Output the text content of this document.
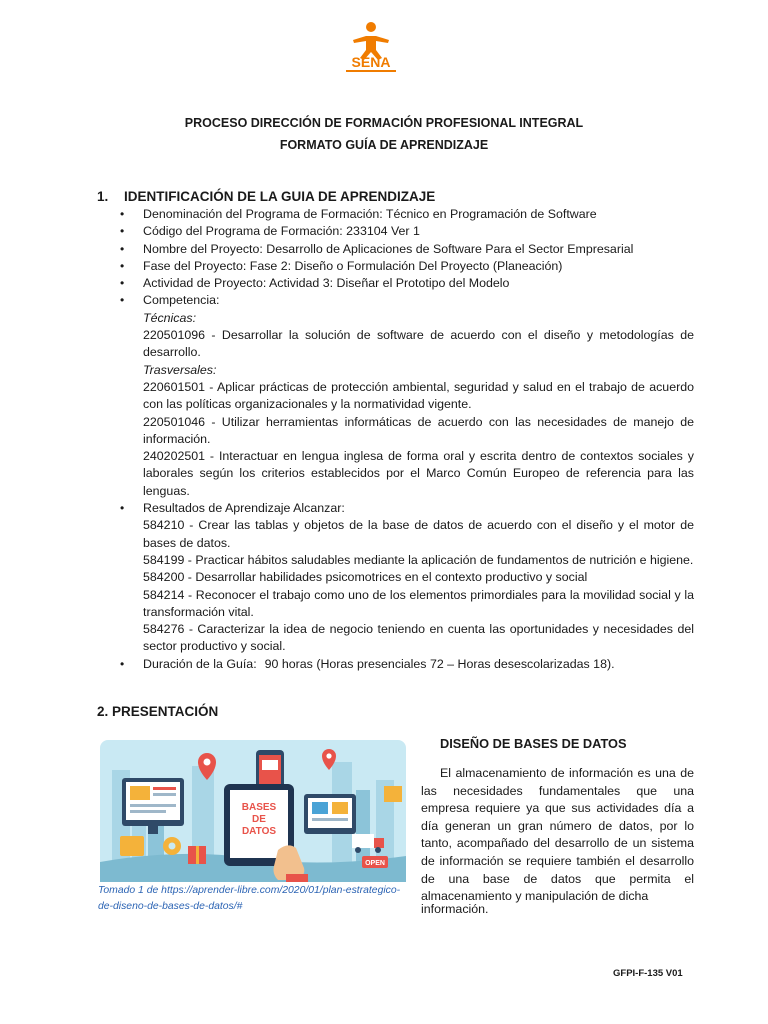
SENA
PROCESO DIRECCIÓN DE FORMACIÓN PROFESIONAL INTEGRAL
FORMATO GUÍA DE APRENDIZAJE
1. IDENTIFICACIÓN DE LA GUIA DE APRENDIZAJE
• Denominación del Programa de Formación: Técnico en Programación de Software
• Código del Programa de Formación: 233104 Ver 1
• Nombre del Proyecto: Desarrollo de Aplicaciones de Software Para el Sector Empresarial
• Fase del Proyecto: Fase 2: Diseño o Formulación Del Proyecto (Planeación)
• Actividad de Proyecto: Actividad 3: Diseñar el Prototipo del Modelo
• Competencia:
Técnicas:
220501096 - Desarrollar la solución de software de acuerdo con el diseño y metodologías de desarrollo.
Trasversales:
220601501 - Aplicar prácticas de protección ambiental, seguridad y salud en el trabajo de acuerdo con las políticas organizacionales y la normatividad vigente.
220501046 - Utilizar herramientas informáticas de acuerdo con las necesidades de manejo de información.
240202501 - Interactuar en lengua inglesa de forma oral y escrita dentro de contextos sociales y laborales según los criterios establecidos por el Marco Común Europeo de referencia para las lenguas.
• Resultados de Aprendizaje Alcanzar:
584210 - Crear las tablas y objetos de la base de datos de acuerdo con el diseño y el motor de bases de datos.
584199 - Practicar hábitos saludables mediante la aplicación de fundamentos de nutrición e higiene.
584200 - Desarrollar habilidades psicomotrices en el contexto productivo y social
584214 - Reconocer el trabajo como uno de los elementos primordiales para la movilidad social y la transformación vital.
584276 - Caracterizar la idea de negocio teniendo en cuenta las oportunidades y necesidades del sector productivo y social.
• Duración de la Guía: 90 horas (Horas presenciales 72 – Horas desescolarizadas 18).
2. PRESENTACIÓN
BASES
DE
DATOS
OPEN
Tomado 1 de https://aprender-libre.com/2020/01/plan-estrategico-de-diseno-de-bases-de-datos/#
DISEÑO DE BASES DE DATOS
El almacenamiento de información es una de las necesidades fundamentales que una empresa requiere ya que sus actividades día a día generan un gran número de datos, por lo tanto, acompañado del desarrollo de un sistema de información se requiere también el desarrollo de una base de datos que permita el almacenamiento y manipulación de dicha
información.
GFPI-F-135 V01
